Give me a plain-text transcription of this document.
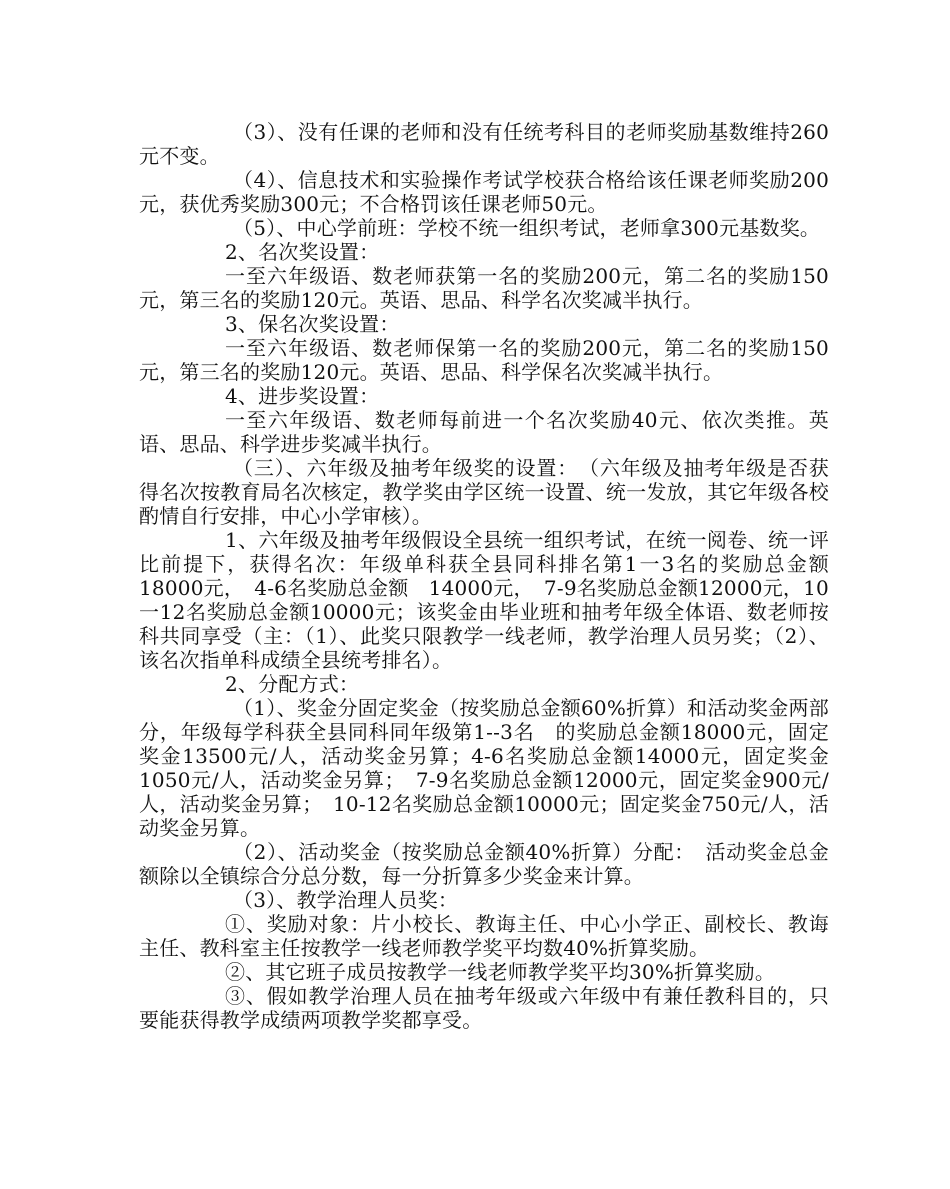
（3）、没有任课的老师和没有任统考科目的老师奖励基数维持260元不变。

（4）、信息技术和实验操作考试学校获合格给该任课老师奖励200元，获优秀奖励300元；不合格罚该任课老师50元。

（5）、中心学前班：学校不统一组织考试，老师拿300元基数奖。

2、名次奖设置：

一至六年级语、数老师获第一名的奖励200元，第二名的奖励150元，第三名的奖励120元。英语、思品、科学名次奖减半执行。

3、保名次奖设置：

一至六年级语、数老师保第一名的奖励200元，第二名的奖励150元，第三名的奖励120元。英语、思品、科学保名次奖减半执行。

4、进步奖设置：

一至六年级语、数老师每前进一个名次奖励40元、依次类推。英语、思品、科学进步奖减半执行。

（三）、六年级及抽考年级奖的设置：　（六年级及抽考年级是否获得名次按教育局名次核定，教学奖由学区统一设置、统一发放，其它年级各校酌情自行安排，中心小学审核）。

1、六年级及抽考年级假设全县统一组织考试，在统一阅卷、统一评比前提下，获得名次：年级单科获全县同科排名第1一3名的奖励总金额18000元，　4-6名奖励总金额　14000元，　7-9名奖励总金额12000元，10一12名奖励总金额10000元；该奖金由毕业班和抽考年级全体语、数老师按科共同享受（主：（1）、此奖只限教学一线老师，教学治理人员另奖；（2）、该名次指单科成绩全县统考排名）。

2、分配方式：

（1）、奖金分固定奖金（按奖励总金额60%折算）和活动奖金两部分，年级每学科获全县同科同年级第1--3名　的奖励总金额18000元，固定奖金13500元/人，活动奖金另算；4-6名奖励总金额14000元，固定奖金1050元/人，活动奖金另算；　7-9名奖励总金额12000元，固定奖金900元/人，活动奖金另算；　10-12名奖励总金额10000元；固定奖金750元/人，活动奖金另算。

（2）、活动奖金（按奖励总金额40%折算）分配：　活动奖金总金额除以全镇综合分总分数，每一分折算多少奖金来计算。

（3）、教学治理人员奖：

①、奖励对象：片小校长、教诲主任、中心小学正、副校长、教诲主任、教科室主任按教学一线老师教学奖平均数40%折算奖励。

②、其它班子成员按教学一线老师教学奖平均30%折算奖励。

③、假如教学治理人员在抽考年级或六年级中有兼任教科目的，只要能获得教学成绩两项教学奖都享受。
